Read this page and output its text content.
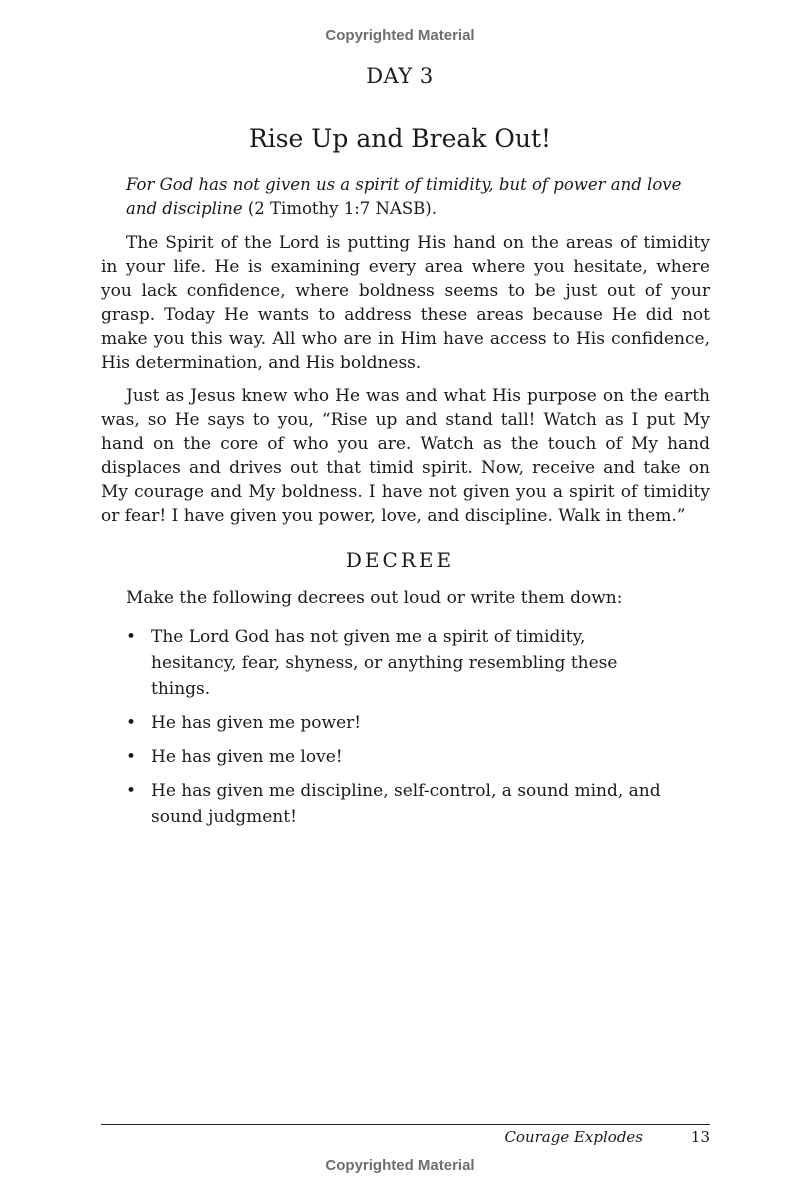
Copyrighted Material
DAY 3
Rise Up and Break Out!
For God has not given us a spirit of timidity, but of power and love and discipline (2 Timothy 1:7 NASB).

The Spirit of the Lord is putting His hand on the areas of timidity in your life. He is examining every area where you hesitate, where you lack confidence, where boldness seems to be just out of your grasp. Today He wants to address these areas because He did not make you this way. All who are in Him have access to His confidence, His determination, and His boldness.

Just as Jesus knew who He was and what His purpose on the earth was, so He says to you, “Rise up and stand tall! Watch as I put My hand on the core of who you are. Watch as the touch of My hand displaces and drives out that timid spirit. Now, receive and take on My courage and My boldness. I have not given you a spirit of timidity or fear! I have given you power, love, and discipline. Walk in them.”

DECREE
Make the following decrees out loud or write them down:
• The Lord God has not given me a spirit of timidity, hesitancy, fear, shyness, or anything resembling these things.
• He has given me power!
• He has given me love!
• He has given me discipline, self-control, a sound mind, and sound judgment!
Courage Explodes	13
Copyrighted Material
